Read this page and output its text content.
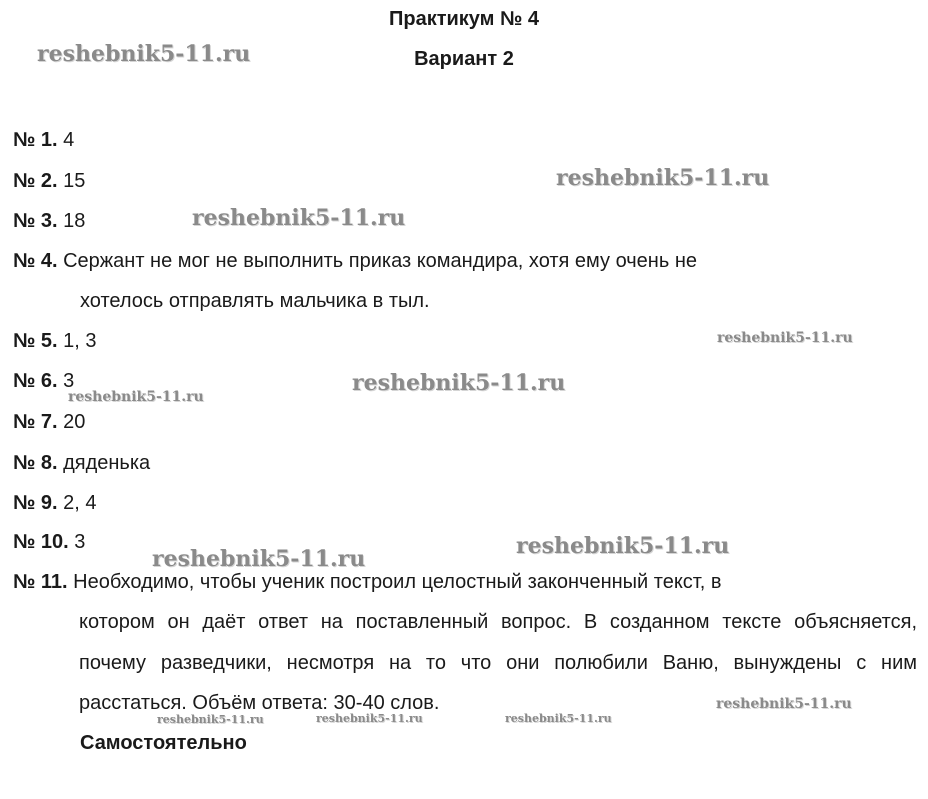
Практикум № 4
Вариант 2
№ 1. 4
№ 2. 15
№ 3. 18
№ 4. Сержант не мог не выполнить приказ командира, хотя ему очень не
хотелось отправлять мальчика в тыл.
№ 5. 1, 3
№ 6. 3
№ 7. 20
№ 8. дяденька
№ 9. 2, 4
№ 10. 3
№ 11. Необходимо, чтобы ученик построил целостный законченный текст, в
котором он даёт ответ на поставленный вопрос. В созданном тексте объясняется, почему разведчики, несмотря на то что они полюбили Ваню, вынуждены с ним расстаться. Объём ответа: 30-40 слов.
Самостоятельно
reshebnik5-11.ru
reshebnik5-11.ru
reshebnik5-11.ru
reshebnik5-11.ru
reshebnik5-11.ru
reshebnik5-11.ru
reshebnik5-11.ru
reshebnik5-11.ru
reshebnik5-11.ru
reshebnik5-11.ru	reshebnik5-11.ru	reshebnik5-11.ru
